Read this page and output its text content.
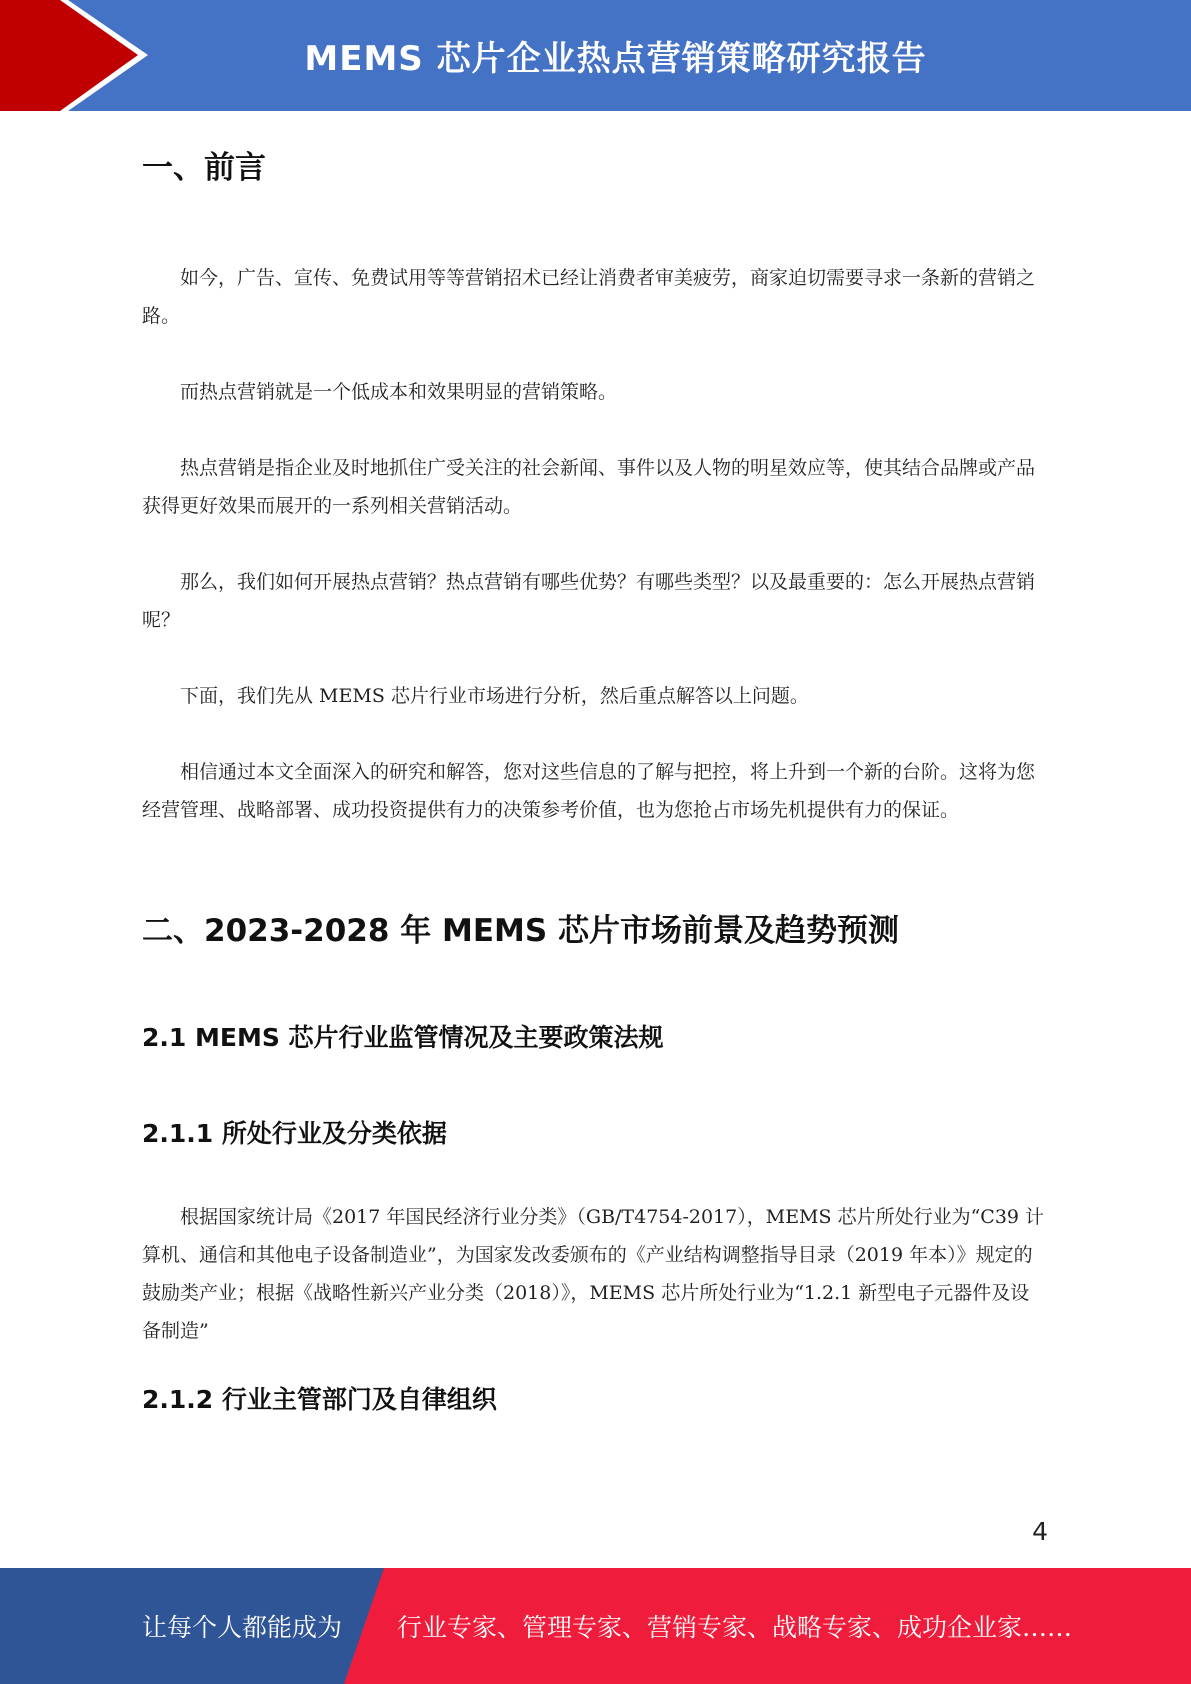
MEMS 芯片企业热点营销策略研究报告
一、前言

如今，广告、宣传、免费试用等等营销招术已经让消费者审美疲劳，商家迫切需要寻求一条新的营销之路。

而热点营销就是一个低成本和效果明显的营销策略。

热点营销是指企业及时地抓住广受关注的社会新闻、事件以及人物的明星效应等，使其结合品牌或产品获得更好效果而展开的一系列相关营销活动。

那么，我们如何开展热点营销？热点营销有哪些优势？有哪些类型？以及最重要的：怎么开展热点营销呢？

下面，我们先从 MEMS 芯片行业市场进行分析，然后重点解答以上问题。

相信通过本文全面深入的研究和解答，您对这些信息的了解与把控，将上升到一个新的台阶。这将为您经营管理、战略部署、成功投资提供有力的决策参考价值，也为您抢占市场先机提供有力的保证。

二、2023-2028 年 MEMS 芯片市场前景及趋势预测
2.1 MEMS 芯片行业监管情况及主要政策法规
2.1.1 所处行业及分类依据

根据国家统计局《2017 年国民经济行业分类》（GB/T4754-2017），MEMS 芯片所处行业为“C39 计算机、通信和其他电子设备制造业”，为国家发改委颁布的《产业结构调整指导目录（2019 年本）》规定的鼓励类产业；根据《战略性新兴产业分类（2018）》，MEMS 芯片所处行业为“1.2.1 新型电子元器件及设备制造”

2.1.2 行业主管部门及自律组织
4
让每个人都能成为 行业专家、管理专家、营销专家、战略专家、成功企业家……
